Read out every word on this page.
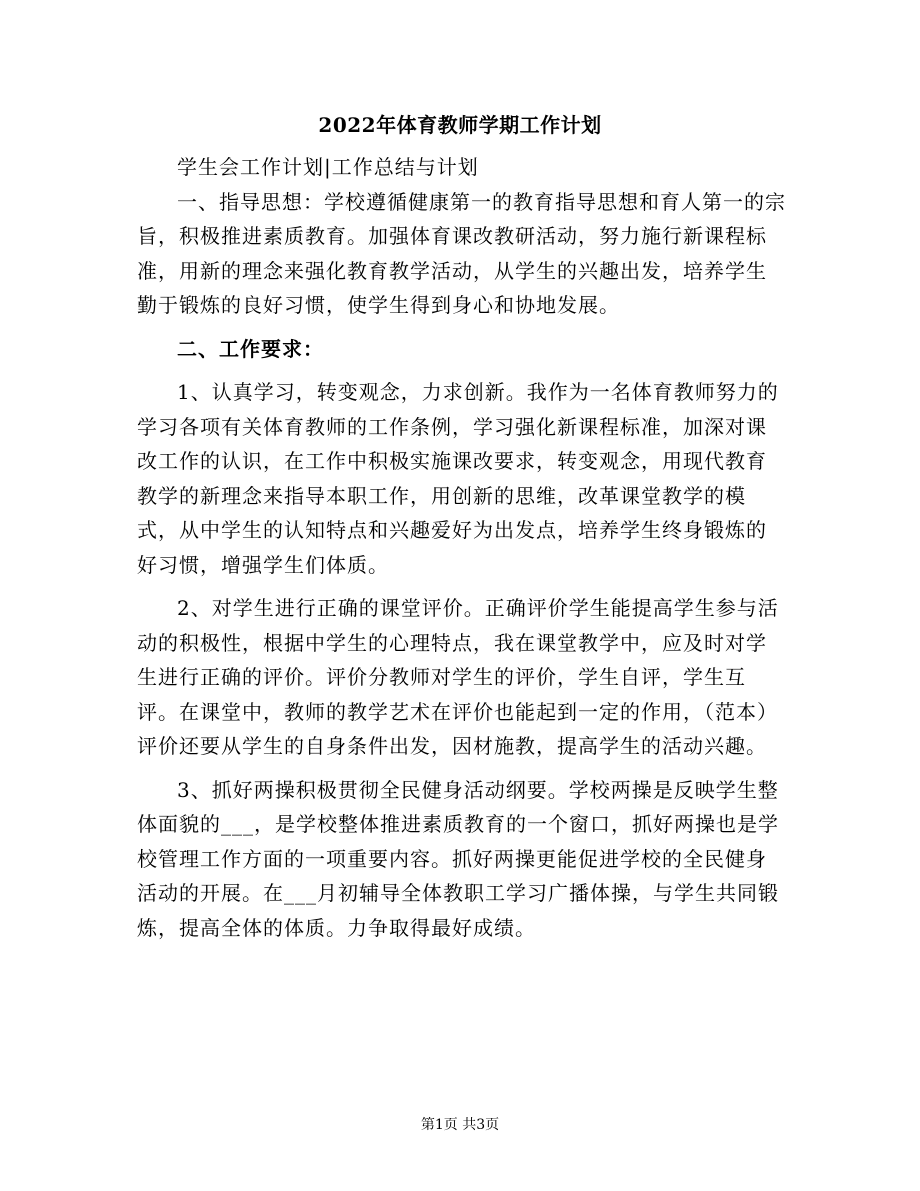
2022年体育教师学期工作计划

学生会工作计划|工作总结与计划

一、指导思想：学校遵循健康第一的教育指导思想和育人第一的宗旨，积极推进素质教育。加强体育课改教研活动，努力施行新课程标准，用新的理念来强化教育教学活动，从学生的兴趣出发，培养学生勤于锻炼的良好习惯，使学生得到身心和协地发展。

二、工作要求：

1、认真学习，转变观念，力求创新。我作为一名体育教师努力的学习各项有关体育教师的工作条例，学习强化新课程标准，加深对课改工作的认识，在工作中积极实施课改要求，转变观念，用现代教育教学的新理念来指导本职工作，用创新的思维，改革课堂教学的模式，从中学生的认知特点和兴趣爱好为出发点，培养学生终身锻炼的好习惯，增强学生们体质。

2、对学生进行正确的课堂评价。正确评价学生能提高学生参与活动的积极性，根据中学生的心理特点，我在课堂教学中，应及时对学生进行正确的评价。评价分教师对学生的评价，学生自评，学生互评。在课堂中，教师的教学艺术在评价也能起到一定的作用，（范本）评价还要从学生的自身条件出发，因材施教，提高学生的活动兴趣。

3、抓好两操积极贯彻全民健身活动纲要。学校两操是反映学生整体面貌的___，是学校整体推进素质教育的一个窗口，抓好两操也是学校管理工作方面的一项重要内容。抓好两操更能促进学校的全民健身活动的开展。在___月初辅导全体教职工学习广播体操，与学生共同锻炼，提高全体的体质。力争取得最好成绩。

第1页 共3页
